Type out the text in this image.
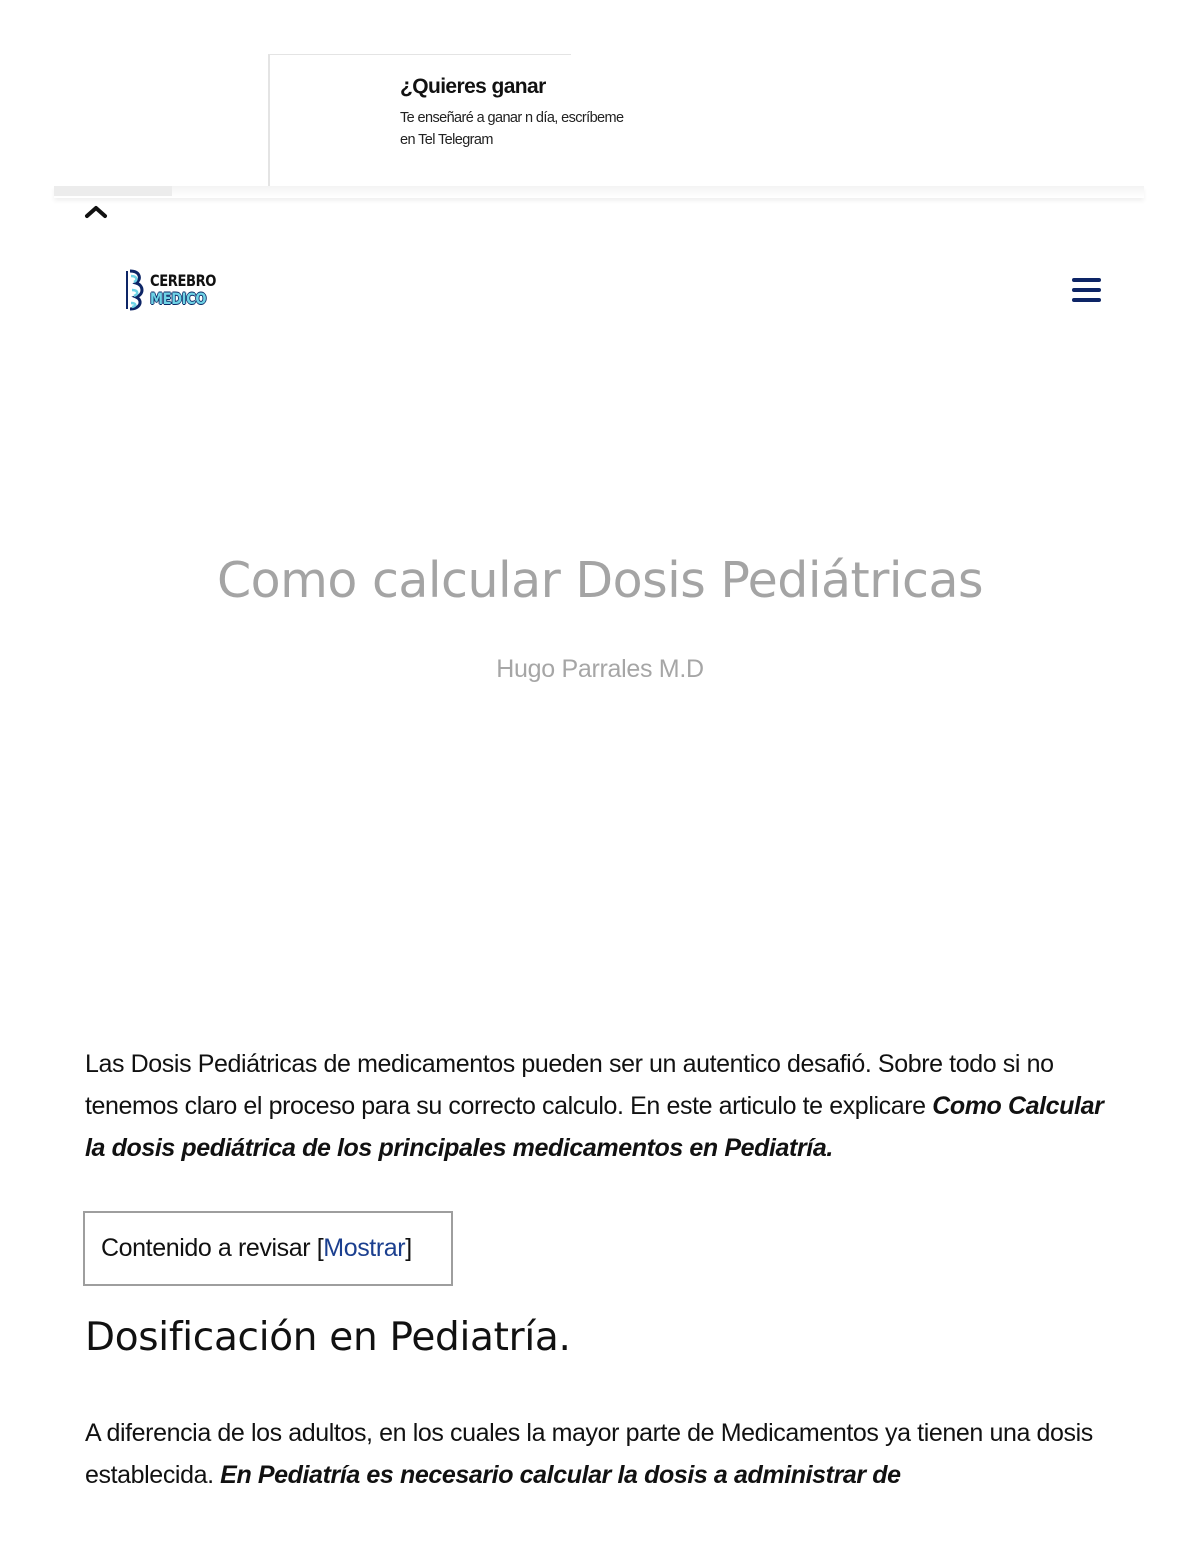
¿Quieres ganar
Te enseñaré a ganar n día, escríbeme en Tel Telegram
CEREBRO
MEDICO
Como calcular Dosis Pediátricas
Hugo Parrales M.D

Las Dosis Pediátricas de medicamentos pueden ser un autentico desafió. Sobre todo si no tenemos claro el proceso para su correcto calculo. En este articulo te explicare Como Calcular la dosis pediátrica de los principales medicamentos en Pediatría.

Contenido a revisar [ Mostrar ]
Dosificación en Pediatría.

A diferencia de los adultos, en los cuales la mayor parte de Medicamentos ya tienen una dosis establecida. En Pediatría es necesario calcular la dosis a administrar de
